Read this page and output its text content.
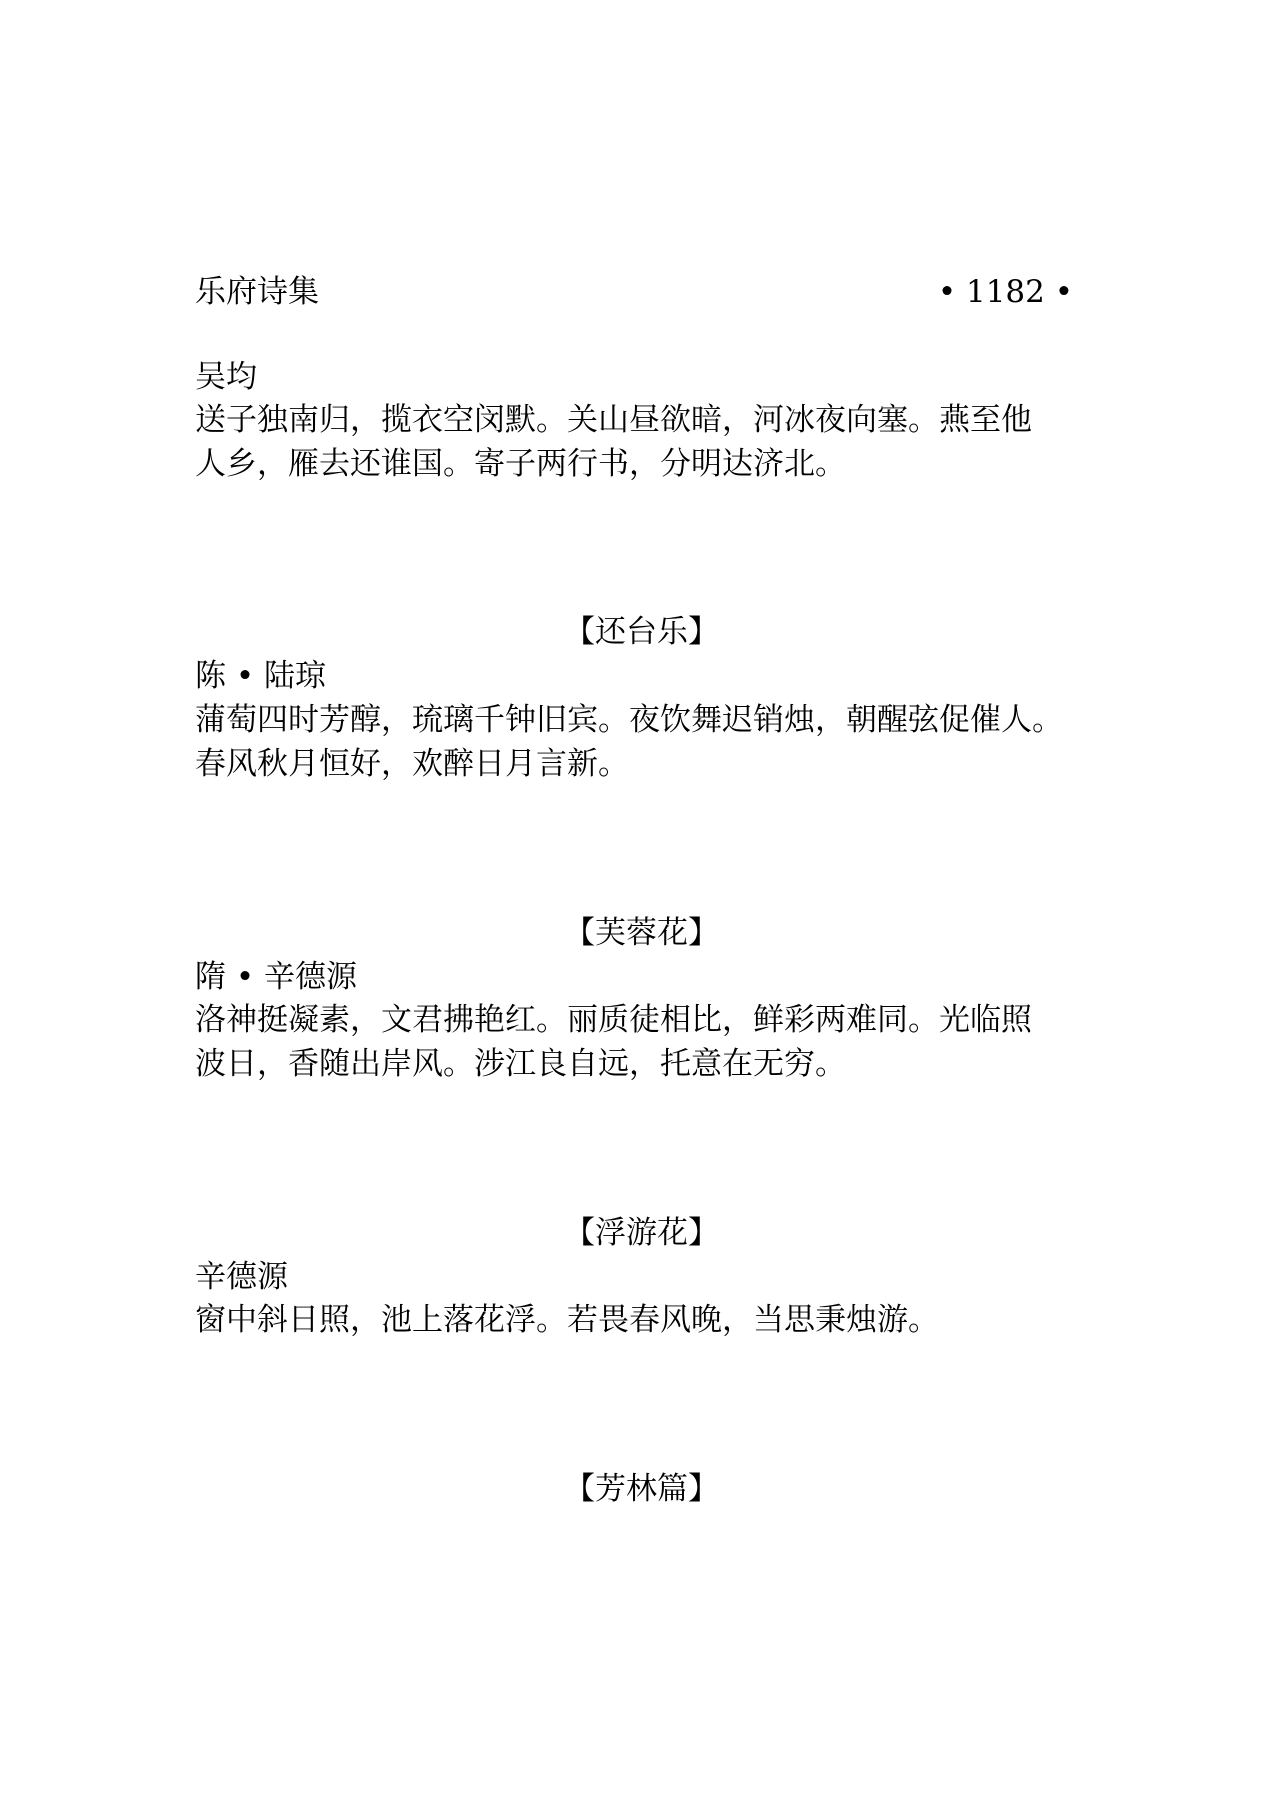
乐府诗集	• 1182 •
吴均
送子独南归，揽衣空闵默。关山昼欲暗，河冰夜向塞。燕至他
人乡，雁去还谁国。寄子两行书，分明达济北。
【还台乐】
陈 • 陆琼
蒲萄四时芳醇，琉璃千钟旧宾。夜饮舞迟销烛，朝醒弦促催人。
春风秋月恒好，欢醉日月言新。
【芙蓉花】
隋 • 辛德源
洛神挺凝素，文君拂艳红。丽质徒相比，鲜彩两难同。光临照
波日，香随出岸风。涉江良自远，托意在无穷。
【浮游花】
辛德源
窗中斜日照，池上落花浮。若畏春风晚，当思秉烛游。
【芳林篇】
